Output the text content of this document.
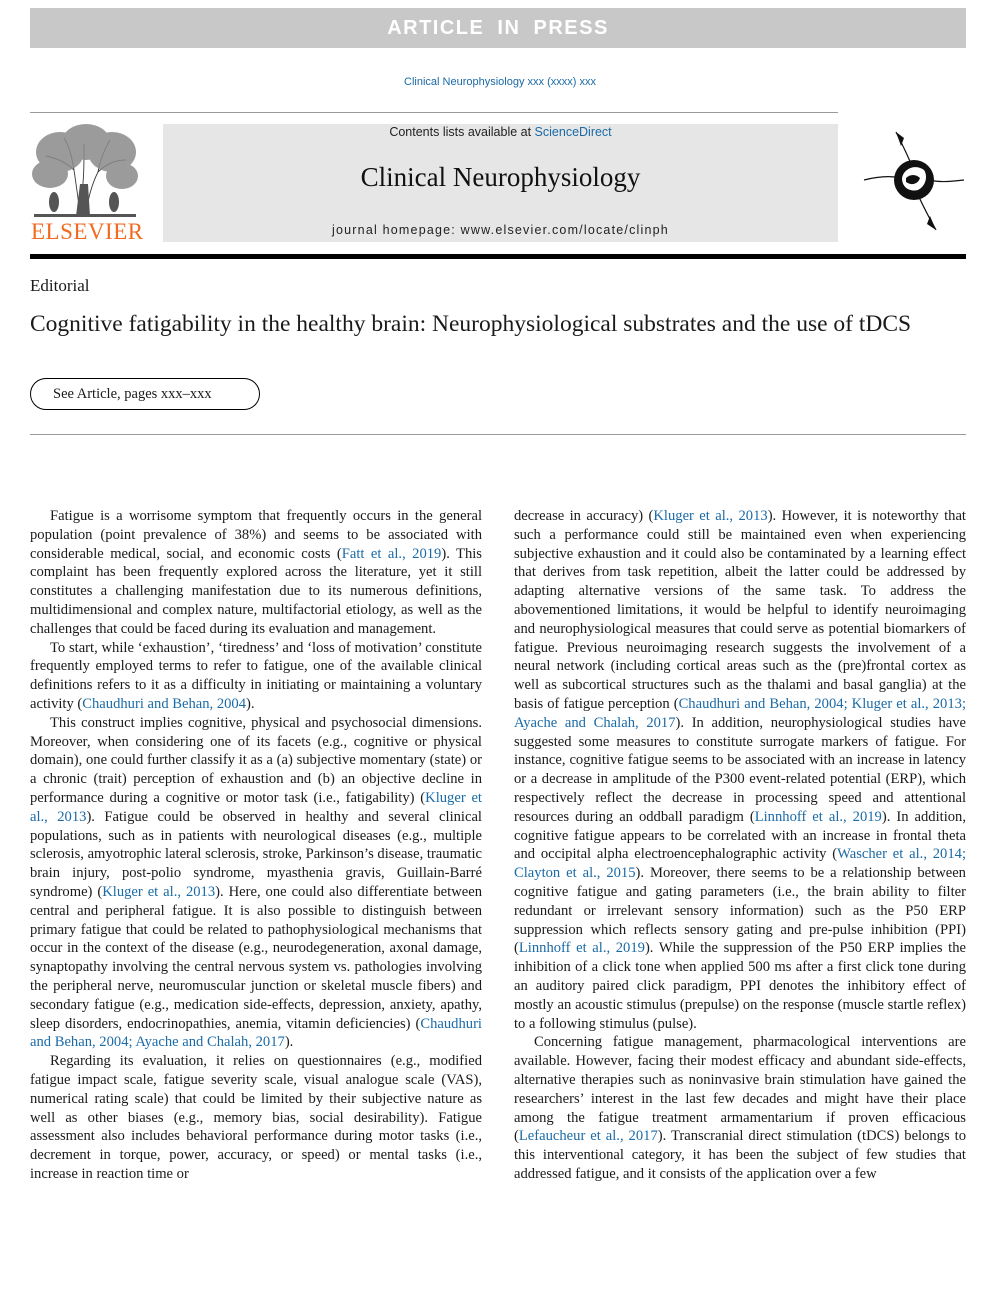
ARTICLE IN PRESS
Clinical Neurophysiology xxx (xxxx) xxx
ELSEVIER
Contents lists available at ScienceDirect
Clinical Neurophysiology
journal homepage: www.elsevier.com/locate/clinph
Editorial
Cognitive fatigability in the healthy brain: Neurophysiological substrates and the use of tDCS
See Article, pages xxx–xxx

Fatigue is a worrisome symptom that frequently occurs in the general population (point prevalence of 38%) and seems to be associated with considerable medical, social, and economic costs (Fatt et al., 2019). This complaint has been frequently explored across the literature, yet it still constitutes a challenging manifestation due to its numerous definitions, multidimensional and complex nature, multifactorial etiology, as well as the challenges that could be faced during its evaluation and management.

To start, while ‘exhaustion’, ‘tiredness’ and ‘loss of motivation’ constitute frequently employed terms to refer to fatigue, one of the available clinical definitions refers to it as a difficulty in initiating or maintaining a voluntary activity (Chaudhuri and Behan, 2004).

This construct implies cognitive, physical and psychosocial dimensions. Moreover, when considering one of its facets (e.g., cognitive or physical domain), one could further classify it as a (a) subjective momentary (state) or a chronic (trait) perception of exhaustion and (b) an objective decline in performance during a cognitive or motor task (i.e., fatigability) (Kluger et al., 2013). Fatigue could be observed in healthy and several clinical populations, such as in patients with neurological diseases (e.g., multiple sclerosis, amyotrophic lateral sclerosis, stroke, Parkinson’s disease, traumatic brain injury, post-polio syndrome, myasthenia gravis, Guillain-Barré syndrome) (Kluger et al., 2013). Here, one could also differentiate between central and peripheral fatigue. It is also possible to distinguish between primary fatigue that could be related to pathophysiological mechanisms that occur in the context of the disease (e.g., neurodegeneration, axonal damage, synaptopathy involving the central nervous system vs. pathologies involving the peripheral nerve, neuromuscular junction or skeletal muscle fibers) and secondary fatigue (e.g., medication side-effects, depression, anxiety, apathy, sleep disorders, endocrinopathies, anemia, vitamin deficiencies) (Chaudhuri and Behan, 2004; Ayache and Chalah, 2017).

Regarding its evaluation, it relies on questionnaires (e.g., modified fatigue impact scale, fatigue severity scale, visual analogue scale (VAS), numerical rating scale) that could be limited by their subjective nature as well as other biases (e.g., memory bias, social desirability). Fatigue assessment also includes behavioral performance during motor tasks (i.e., decrement in torque, power, accuracy, or speed) or mental tasks (i.e., increase in reaction time or

decrease in accuracy) (Kluger et al., 2013). However, it is noteworthy that such a performance could still be maintained even when experiencing subjective exhaustion and it could also be contaminated by a learning effect that derives from task repetition, albeit the latter could be addressed by adapting alternative versions of the same task. To address the abovementioned limitations, it would be helpful to identify neuroimaging and neurophysiological measures that could serve as potential biomarkers of fatigue. Previous neuroimaging research suggests the involvement of a neural network (including cortical areas such as the (pre)frontal cortex as well as subcortical structures such as the thalami and basal ganglia) at the basis of fatigue perception (Chaudhuri and Behan, 2004; Kluger et al., 2013; Ayache and Chalah, 2017). In addition, neurophysiological studies have suggested some measures to constitute surrogate markers of fatigue. For instance, cognitive fatigue seems to be associated with an increase in latency or a decrease in amplitude of the P300 event-related potential (ERP), which respectively reflect the decrease in processing speed and attentional resources during an oddball paradigm (Linnhoff et al., 2019). In addition, cognitive fatigue appears to be correlated with an increase in frontal theta and occipital alpha electroencephalographic activity (Wascher et al., 2014; Clayton et al., 2015). Moreover, there seems to be a relationship between cognitive fatigue and gating parameters (i.e., the brain ability to filter redundant or irrelevant sensory information) such as the P50 ERP suppression which reflects sensory gating and pre-pulse inhibition (PPI) (Linnhoff et al., 2019). While the suppression of the P50 ERP implies the inhibition of a click tone when applied 500 ms after a first click tone during an auditory paired click paradigm, PPI denotes the inhibitory effect of mostly an acoustic stimulus (prepulse) on the response (muscle startle reflex) to a following stimulus (pulse).

Concerning fatigue management, pharmacological interventions are available. However, facing their modest efficacy and abundant side-effects, alternative therapies such as noninvasive brain stimulation have gained the researchers’ interest in the last few decades and might have their place among the fatigue treatment armamentarium if proven efficacious (Lefaucheur et al., 2017). Transcranial direct stimulation (tDCS) belongs to this interventional category, it has been the subject of few studies that addressed fatigue, and it consists of the application over a few
